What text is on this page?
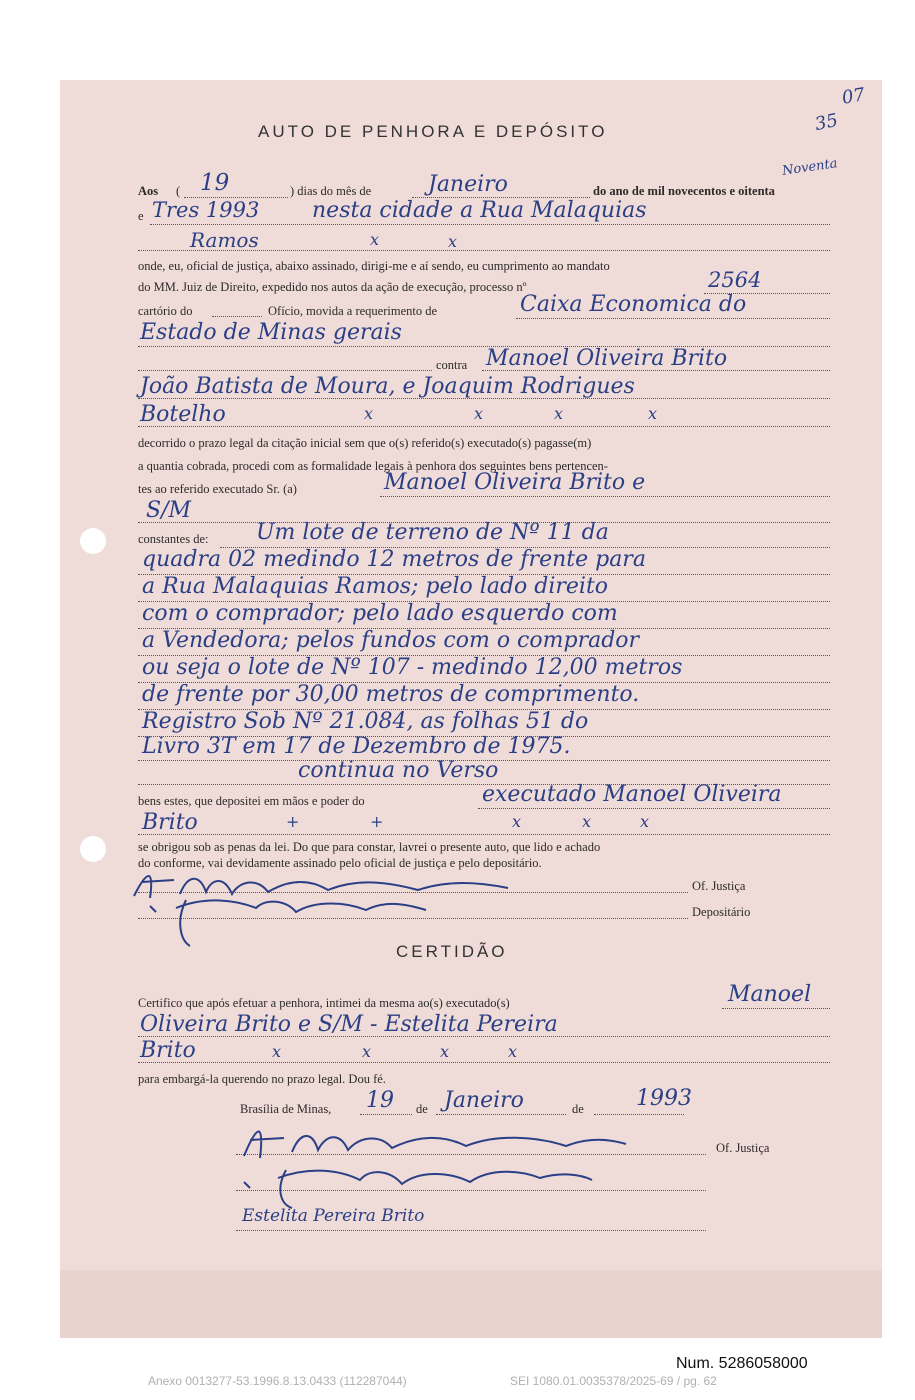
AUTO DE PENHORA E DEPÓSITO
07
35
Aos ( 19	) dias do mês de	Janeiro	do ano de mil novecentos e oitenta
Noventa
e Tres 1993 nesta cidade a Rua Malaquias
Ramos	x	x
onde, eu, oficial de justiça, abaixo assinado, dirigi-me e aí sendo, eu cumprimento ao mandato
do MM. Juiz de Direito, expedido nos autos da ação de execução, processo nº	2564
cartório do	Ofício, movida a requerimento de	Caixa Economica do
Estado de Minas gerais
contra Manoel Oliveira Brito
João Batista de Moura, e Joaquim Rodrigues
Botelho	x	x	x	x
decorrido o prazo legal da citação inicial sem que o(s) referido(s) executado(s) pagasse(m)
a quantia cobrada, procedi com as formalidade legais à penhora dos seguintes bens pertencen-
tes ao referido executado Sr. (a)	Manoel Oliveira Brito e
S/M
constantes de: Um lote de terreno de Nº 11 da
quadra 02 medindo 12 metros de frente para
a Rua Malaquias Ramos; pelo lado direito
com o comprador; pelo lado esquerdo com
a Vendedora; pelos fundos com o comprador
ou seja o lote de Nº 107 - medindo 12,00 metros
de frente por 30,00 metros de comprimento.
Registro Sob Nº 21.084, as folhas 51 do
Livro 3T em 17 de Dezembro de 1975.
continua no Verso
bens estes, que depositei em mãos e poder do	executado Manoel Oliveira
Brito	+	+	x	x	x
se obrigou sob as penas da lei. Do que para constar, lavrei o presente auto, que lido e achado
do conforme, vai devidamente assinado pelo oficial de justiça e pelo depositário.
Of. Justiça
Depositário
CERTIDÃO
Certifico que após efetuar a penhora, intimei da mesma ao(s) executado(s)	Manoel
Oliveira Brito e S/M - Estelita Pereira
Brito	x	x	x	x
para embargá-la querendo no prazo legal. Dou fé.
Brasília de Minas, 19 de Janeiro	de 1993
Of. Justiça
Estelita Pereira Brito
Num. 5286058000
Anexo 0013277-53.1996.8.13.0433 (112287044)	SEI 1080.01.0035378/2025-69 / pg. 62
